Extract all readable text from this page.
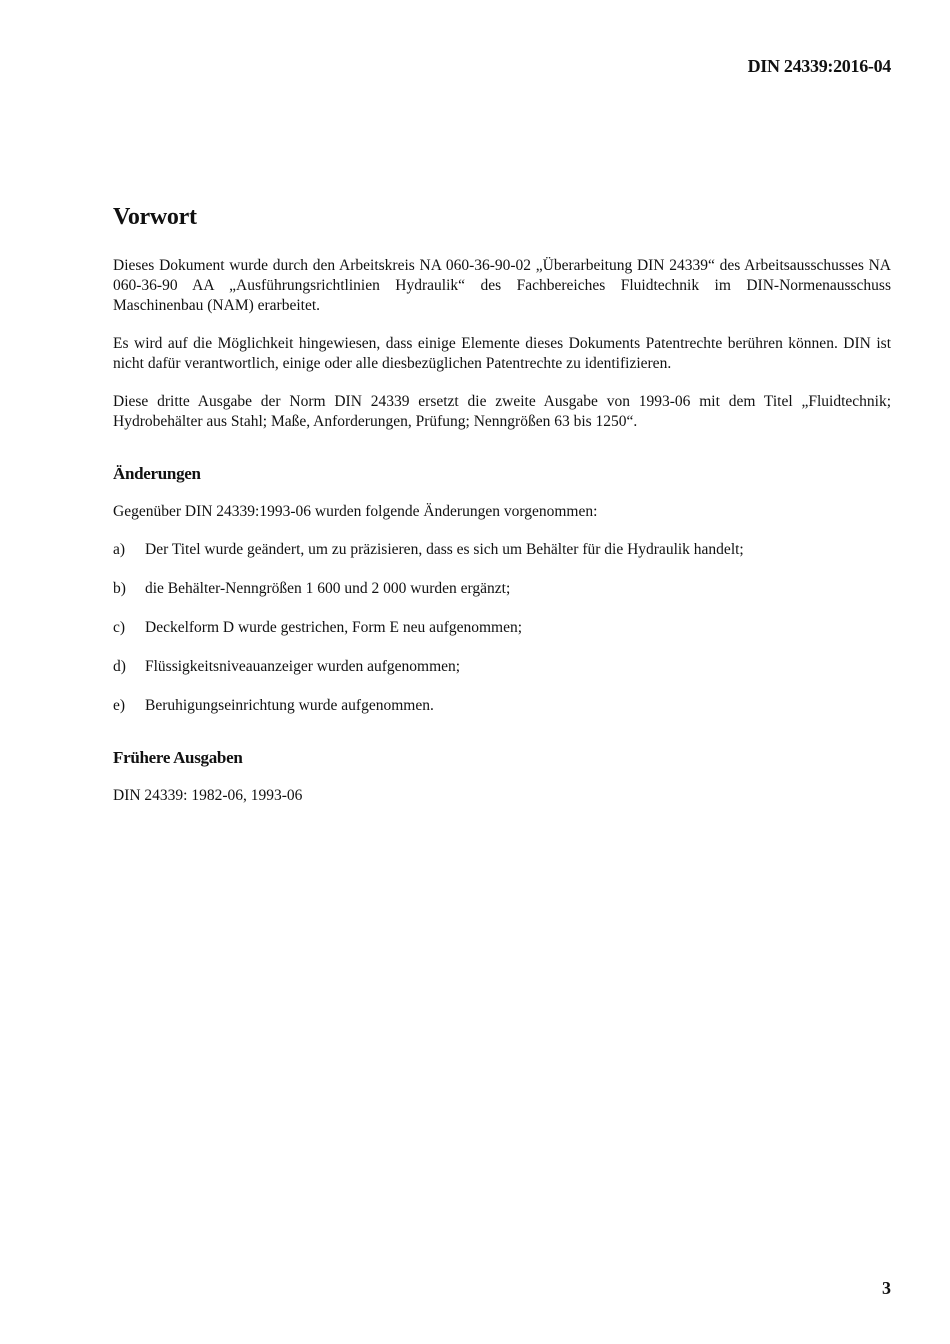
DIN 24339:2016-04
Vorwort

Dieses Dokument wurde durch den Arbeitskreis NA 060-36-90-02 „Überarbeitung DIN 24339“ des Arbeitsausschusses NA 060-36-90 AA „Ausführungsrichtlinien Hydraulik“ des Fachbereiches Fluidtechnik im DIN-Normenausschuss Maschinenbau (NAM) erarbeitet.

Es wird auf die Möglichkeit hingewiesen, dass einige Elemente dieses Dokuments Patentrechte berühren können. DIN ist nicht dafür verantwortlich, einige oder alle diesbezüglichen Patentrechte zu identifizieren.

Diese dritte Ausgabe der Norm DIN 24339 ersetzt die zweite Ausgabe von 1993-06 mit dem Titel „Fluidtechnik; Hydrobehälter aus Stahl; Maße, Anforderungen, Prüfung; Nenngrößen 63 bis 1250“.

Änderungen

Gegenüber DIN 24339:1993-06 wurden folgende Änderungen vorgenommen:

a)	Der Titel wurde geändert, um zu präzisieren, dass es sich um Behälter für die Hydraulik handelt;
b)	die Behälter-Nenngrößen 1 600 und 2 000 wurden ergänzt;
c)	Deckelform D wurde gestrichen, Form E neu aufgenommen;
d)	Flüssigkeitsniveauanzeiger wurden aufgenommen;
e)	Beruhigungseinrichtung wurde aufgenommen.
Frühere Ausgaben

DIN 24339: 1982-06, 1993-06

3
